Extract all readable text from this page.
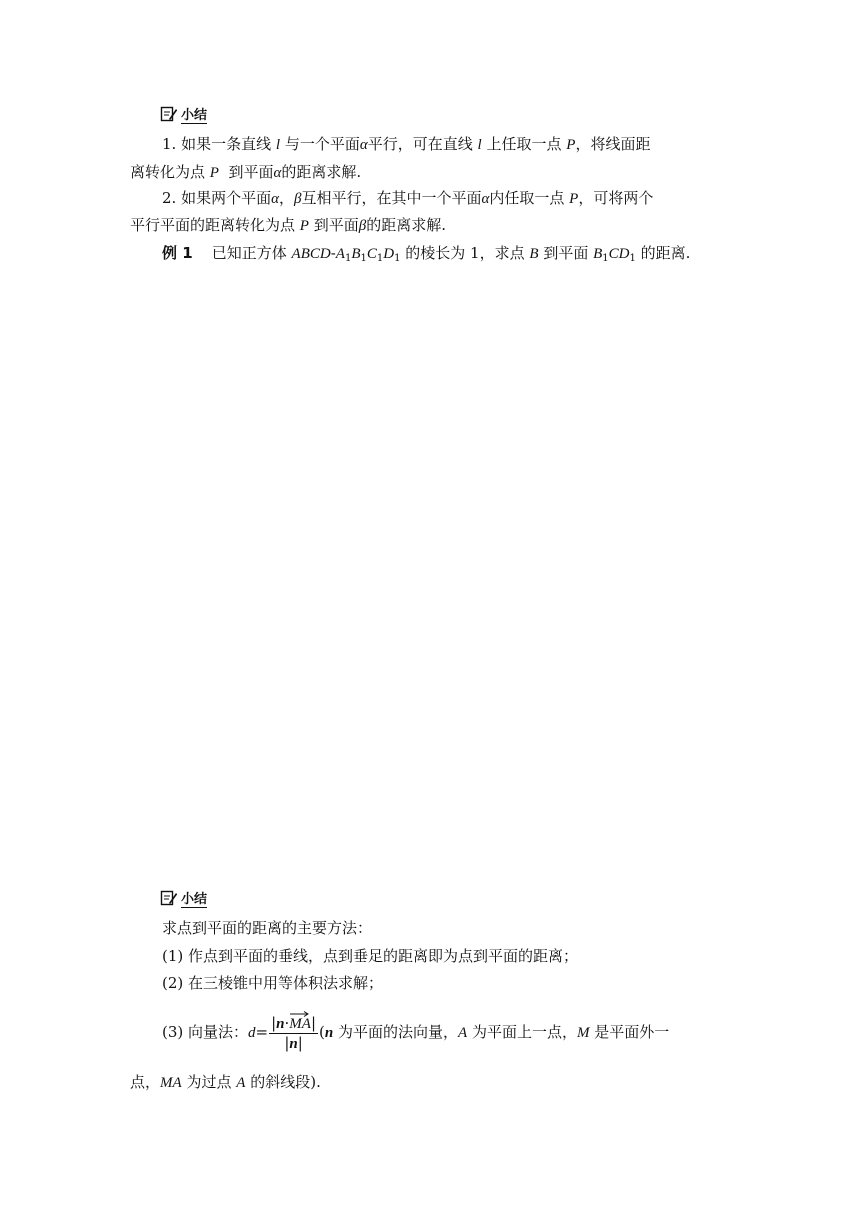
小结
1. 如果一条直线 l 与一个平面α平行，可在直线 l 上任取一点 P，将线面距
离转化为点 P 到平面α的距离求解.
2. 如果两个平面α，β互相平行，在其中一个平面α内任取一点 P，可将两个
平行平面的距离转化为点 P 到平面β的距离求解.
例 1 已知正方体 ABCD-$A_1B_1C_1D_1$ 的棱长为 1，求点 B 到平面 $B_1CD_1$ 的距离.
小结
求点到平面的距离的主要方法：
(1) 作点到平面的垂线，点到垂足的距离即为点到平面的距离；
(2) 在三棱锥中用等体积法求解；
(3) 向量法：d= |n·
MA|
|n| (n 为平面的法向量，A 为平面上一点，M 是平面外一
点，MA 为过点 A 的斜线段).
